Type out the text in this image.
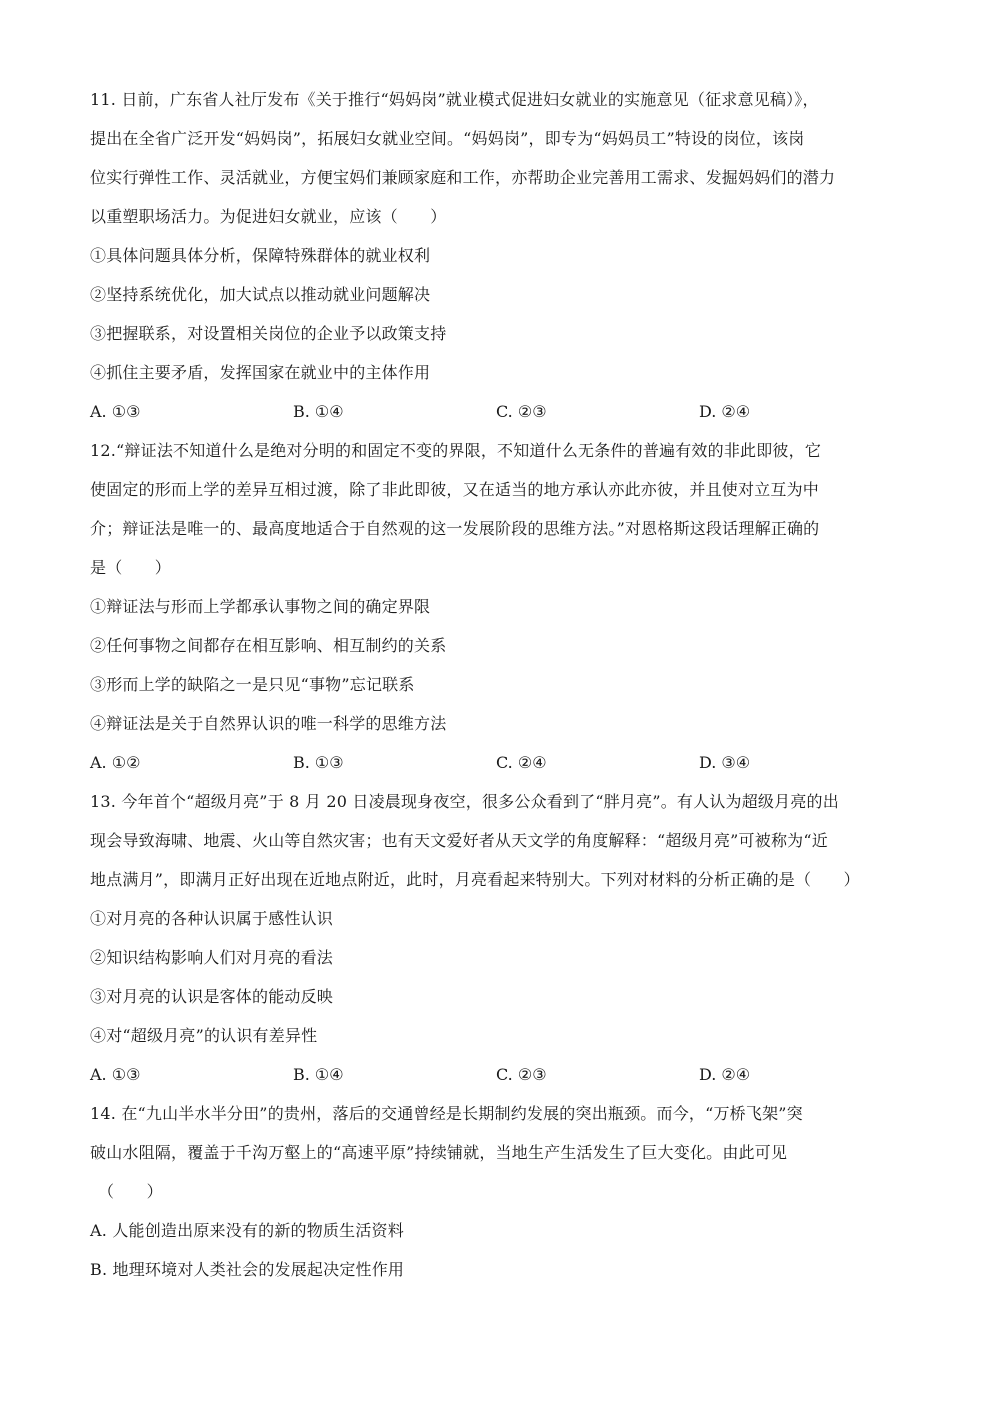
11. 日前，广东省人社厅发布《关于推行“妈妈岗”就业模式促进妇女就业的实施意见（征求意见稿）》，
提出在全省广泛开发“妈妈岗”，拓展妇女就业空间。“妈妈岗”，即专为“妈妈员工”特设的岗位，该岗
位实行弹性工作、灵活就业，方便宝妈们兼顾家庭和工作，亦帮助企业完善用工需求、发掘妈妈们的潜力
以重塑职场活力。为促进妇女就业，应该（　　）
①具体问题具体分析，保障特殊群体的就业权利
②坚持系统优化，加大试点以推动就业问题解决
③把握联系，对设置相关岗位的企业予以政策支持
④抓住主要矛盾，发挥国家在就业中的主体作用
A. ①③	B. ①④	C. ②③	D. ②④
12.“辩证法不知道什么是绝对分明的和固定不变的界限，不知道什么无条件的普遍有效的非此即彼，它
使固定的形而上学的差异互相过渡，除了非此即彼，又在适当的地方承认亦此亦彼，并且使对立互为中
介；辩证法是唯一的、最高度地适合于自然观的这一发展阶段的思维方法。”对恩格斯这段话理解正确的
是（　　）
①辩证法与形而上学都承认事物之间的确定界限
②任何事物之间都存在相互影响、相互制约的关系
③形而上学的缺陷之一是只见“事物”忘记联系
④辩证法是关于自然界认识的唯一科学的思维方法
A. ①②	B. ①③	C. ②④	D. ③④
13. 今年首个“超级月亮”于 8 月 20 日凌晨现身夜空，很多公众看到了“胖月亮”。有人认为超级月亮的出
现会导致海啸、地震、火山等自然灾害；也有天文爱好者从天文学的角度解释：“超级月亮”可被称为“近
地点满月”，即满月正好出现在近地点附近，此时，月亮看起来特别大。下列对材料的分析正确的是（　　）
①对月亮的各种认识属于感性认识
②知识结构影响人们对月亮的看法
③对月亮的认识是客体的能动反映
④对“超级月亮”的认识有差异性
A. ①③	B. ①④	C. ②③	D. ②④
14. 在“九山半水半分田”的贵州，落后的交通曾经是长期制约发展的突出瓶颈。而今，“万桥飞架”突
破山水阻隔，覆盖于千沟万壑上的“高速平原”持续铺就，当地生产生活发生了巨大变化。由此可见
（　　）
A. 人能创造出原来没有的新的物质生活资料
B. 地理环境对人类社会的发展起决定性作用
